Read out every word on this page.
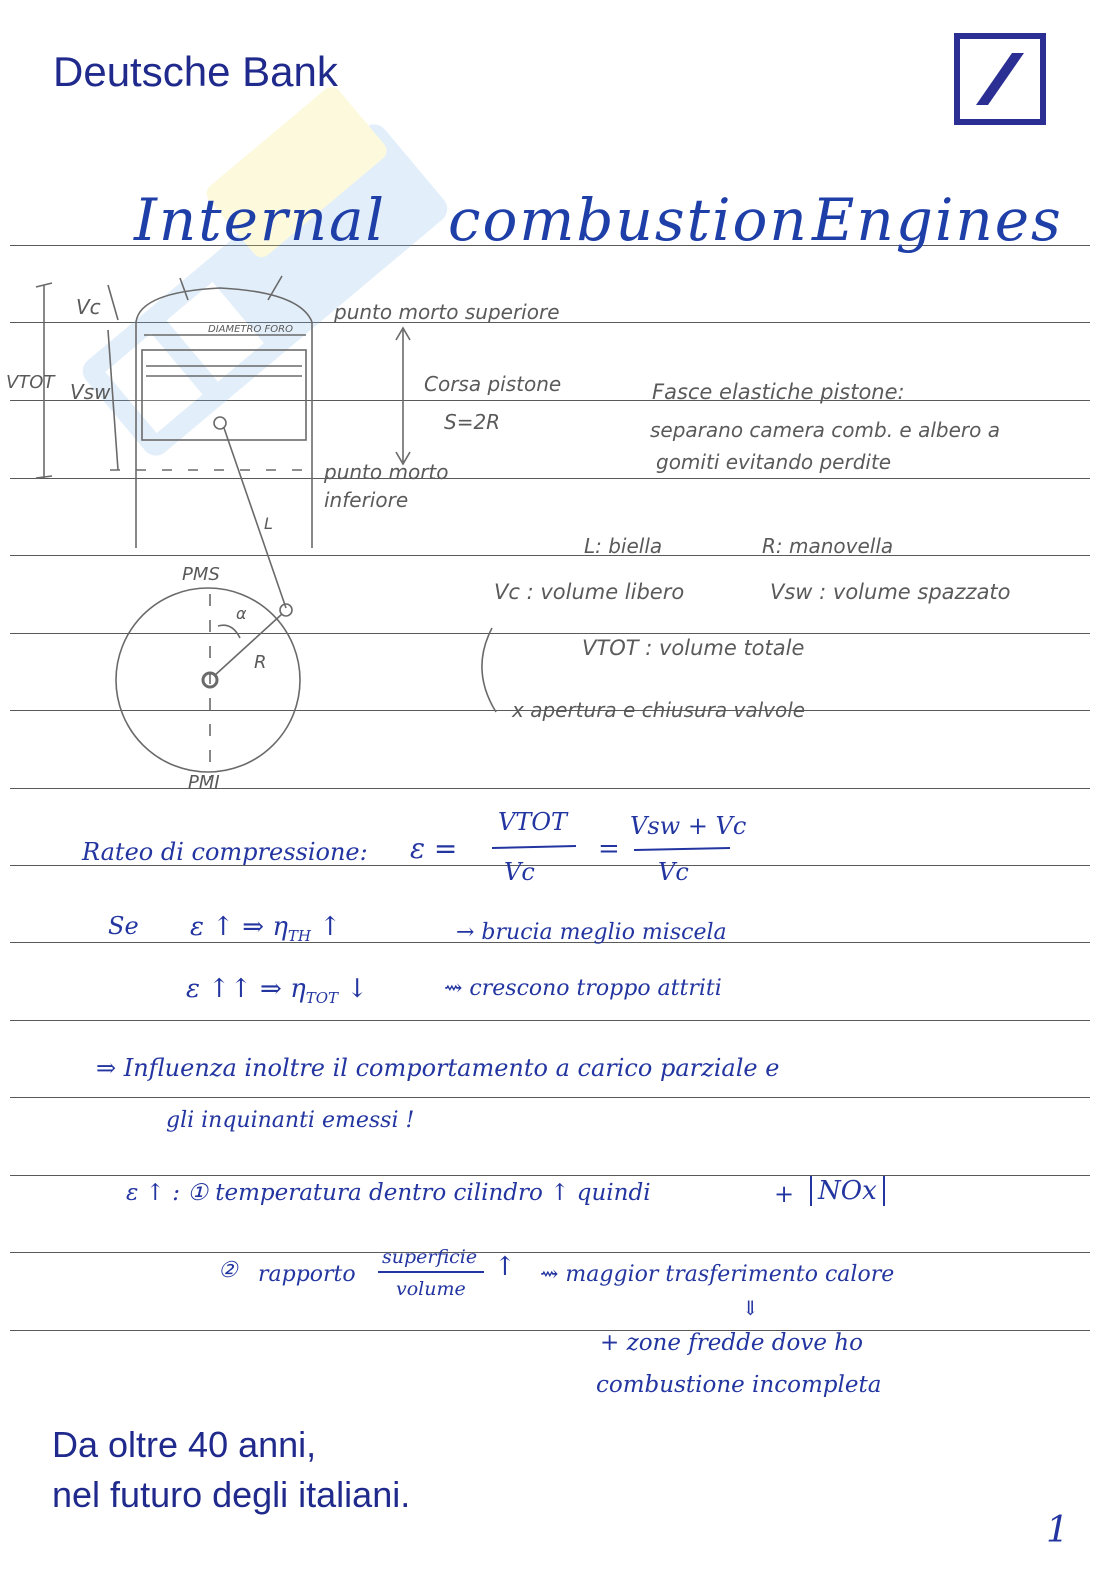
Deutsche Bank
Internal combustion Engines
Vc
Vsw
VTOT
DIAMETRO FORO
punto morto superiore
Corsa pistone
S=2R
punto morto inferiore
L
PMS
α
R
PMI
Fasce elastiche pistone:
separano camera comb. e albero a
gomiti evitando perdite
L: biella	R: manovella
Vc : volume libero	Vsw : volume spazzato
VTOT : volume totale
x apertura e chiusura valvole
Rateo di compressione: ε =
VTOT
Vc
=
Vsw + Vc
Vc
Se ε ↑ ⇒ $\eta_{TH}$ ↑	→ brucia meglio miscela
ε ↑↑ ⇒ $\eta_{TOT}$ ↓	⇝ crescono troppo attriti
⇒ Influenza inoltre il comportamento a carico parziale e
gli inquinanti emessi !
ε ↑ : ① temperatura dentro cilindro ↑ quindi	+ NOx
② rapporto
superficie
volume
↑ ⇝ maggior trasferimento calore
⇓
+ zone fredde dove ho
combustione incompleta
Da oltre 40 anni,
nel futuro degli italiani.
1
